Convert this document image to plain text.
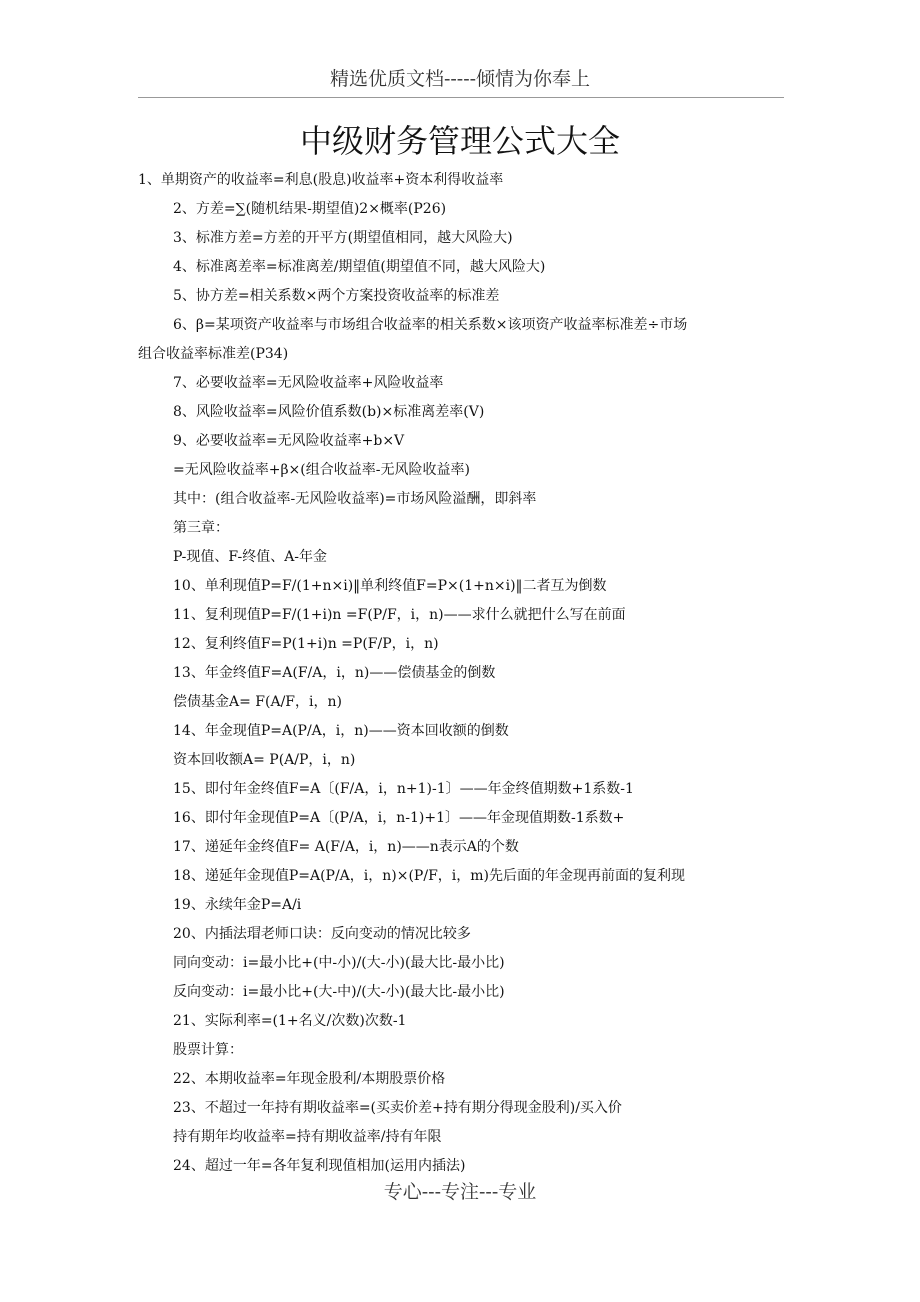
精选优质文档-----倾情为你奉上
中级财务管理公式大全
1、单期资产的收益率=利息(股息)收益率+资本利得收益率
2、方差=∑(随机结果-期望值)2×概率(P26)
3、标准方差=方差的开平方(期望值相同，越大风险大)
4、标准离差率=标准离差/期望值(期望值不同，越大风险大)
5、协方差=相关系数×两个方案投资收益率的标准差
6、β=某项资产收益率与市场组合收益率的相关系数×该项资产收益率标准差÷市场
组合收益率标准差(P34)
7、必要收益率=无风险收益率+风险收益率
8、风险收益率=风险价值系数(b)×标准离差率(V)
9、必要收益率=无风险收益率+b×V
=无风险收益率+β×(组合收益率-无风险收益率)
其中：(组合收益率-无风险收益率)=市场风险溢酬，即斜率
第三章：
P-现值、F-终值、A-年金
10、单利现值P=F/(1+n×i)‖单利终值F=P×(1+n×i)‖二者互为倒数
11、复利现值P=F/(1+i)n =F(P/F，i，n)——求什么就把什么写在前面
12、复利终值F=P(1+i)n =P(F/P，i，n)
13、年金终值F=A(F/A，i，n)——偿债基金的倒数
偿债基金A= F(A/F，i，n)
14、年金现值P=A(P/A，i，n)——资本回收额的倒数
资本回收额A= P(A/P，i，n)
15、即付年金终值F=A〔(F/A，i，n+1)-1〕——年金终值期数+1系数-1
16、即付年金现值P=A〔(P/A，i，n-1)+1〕——年金现值期数-1系数+
17、递延年金终值F= A(F/A，i，n)——n表示A的个数
18、递延年金现值P=A(P/A，i，n)×(P/F，i，m)先后面的年金现再前面的复利现
19、永续年金P=A/i
20、内插法瑁老师口诀：反向变动的情况比较多
同向变动：i=最小比+(中-小)/(大-小)(最大比-最小比)
反向变动：i=最小比+(大-中)/(大-小)(最大比-最小比)
21、实际利率=(1+名义/次数)次数-1
股票计算：
22、本期收益率=年现金股利/本期股票价格
23、不超过一年持有期收益率=(买卖价差+持有期分得现金股利)/买入价
持有期年均收益率=持有期收益率/持有年限
24、超过一年=各年复利现值相加(运用内插法)
专心---专注---专业
